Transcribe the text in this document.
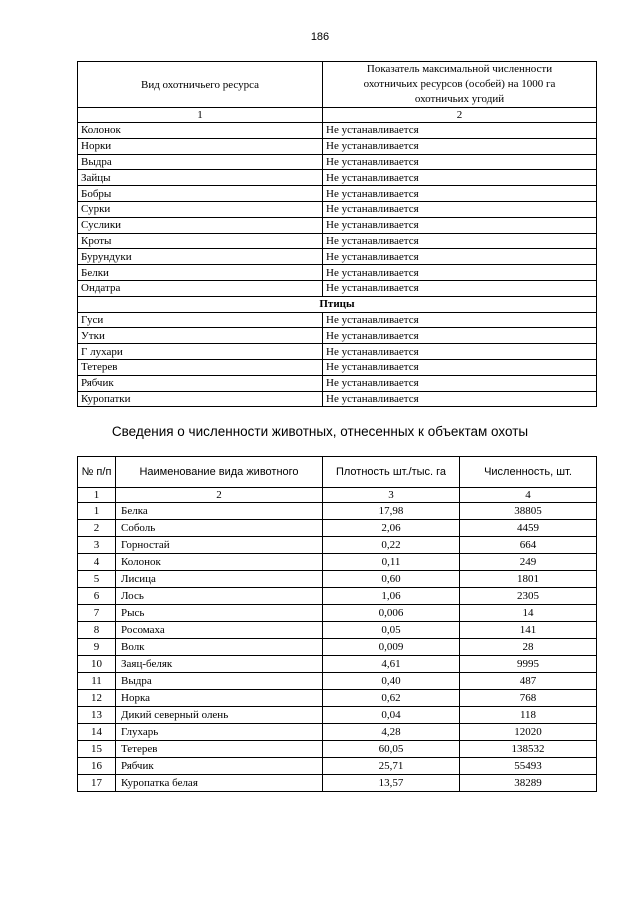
186
Вид охотничьего ресурса	Показатель максимальной численности охотничьих ресурсов (особей) на 1000 га охотничьих угодий
1	2
Колонок	Не устанавливается
Норки	Не устанавливается
Выдра	Не устанавливается
Зайцы	Не устанавливается
Бобры	Не устанавливается
Сурки	Не устанавливается
Суслики	Не устанавливается
Кроты	Не устанавливается
Бурундуки	Не устанавливается
Белки	Не устанавливается
Ондатра	Не устанавливается
Птицы	
Гуси	Не устанавливается
Утки	Не устанавливается
Г лухари	Не устанавливается
Тетерев	Не устанавливается
Рябчик	Не устанавливается
Куропатки	Не устанавливается
Сведения о численности животных, отнесенных к объектам охоты
№ п/п	Наименование вида животного	Плотность шт./тыс. га	Численность, шт.
1	2	3	4
1	Белка	17,98	38805
2	Соболь	2,06	4459
3	Горностай	0,22	664
4	Колонок	0,11	249
5	Лисица	0,60	1801
6	Лось	1,06	2305
7	Рысь	0,006	14
8	Росомаха	0,05	141
9	Волк	0,009	28
10	Заяц-беляк	4,61	9995
11	Выдра	0,40	487
12	Норка	0,62	768
13	Дикий северный олень	0,04	118
14	Глухарь	4,28	12020
15	Тетерев	60,05	138532
16	Рябчик	25,71	55493
17	Куропатка белая	13,57	38289
